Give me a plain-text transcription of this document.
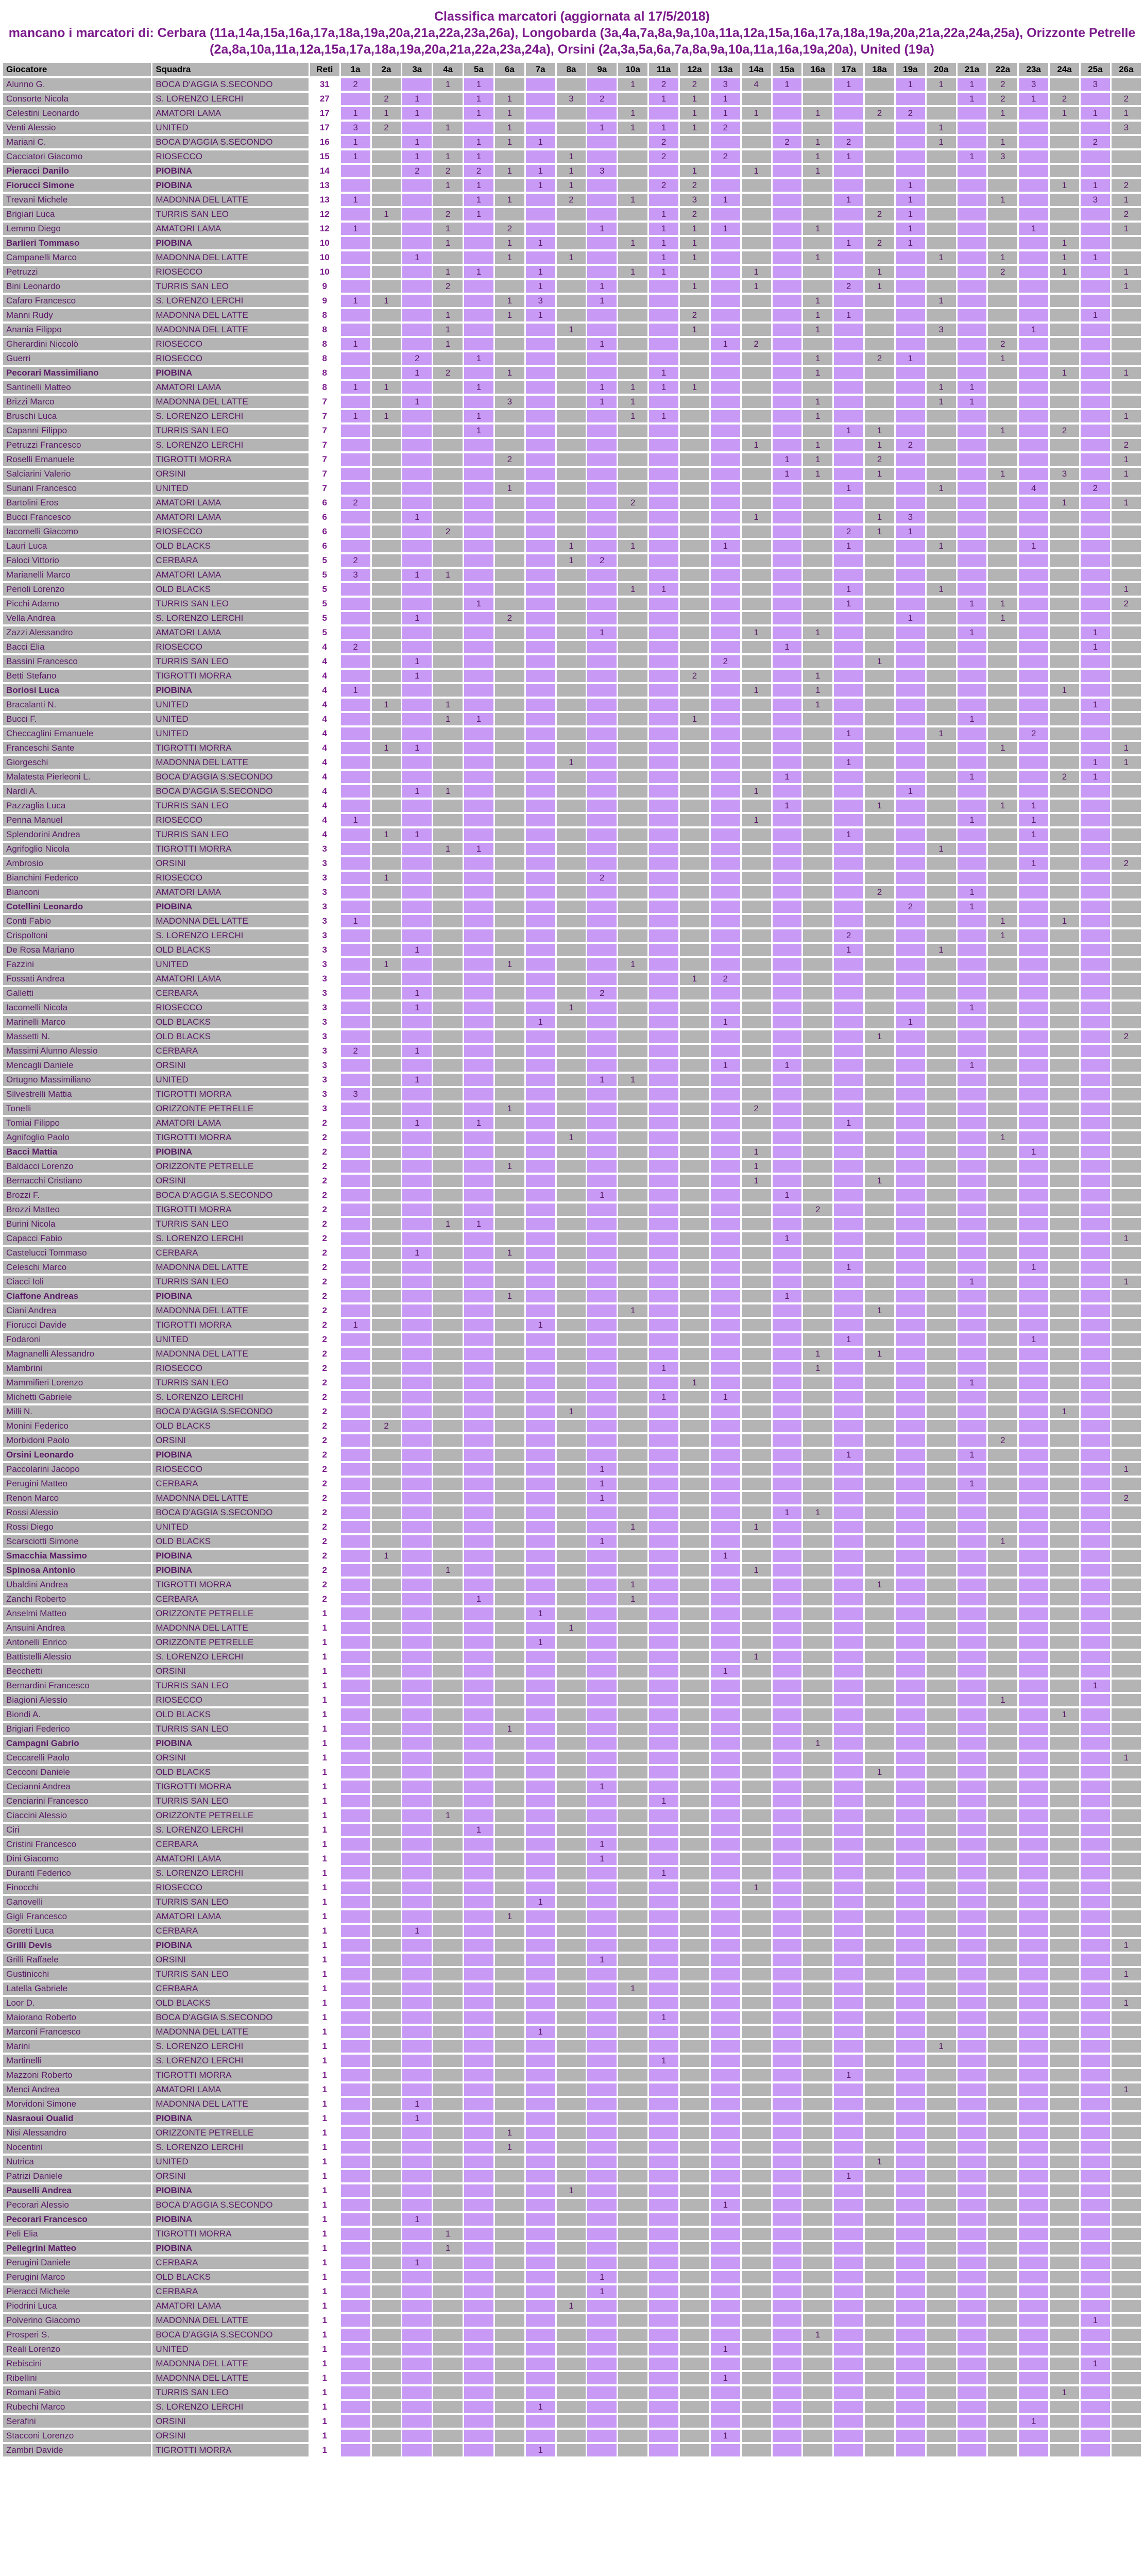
Classifica marcatori (aggiornata al 17/5/2018)
mancano i marcatori di: Cerbara (11a,14a,15a,16a,17a,18a,19a,20a,21a,22a,23a,26a), Longobarda (3a,4a,7a,8a,9a,10a,11a,12a,15a,16a,17a,18a,19a,20a,21a,22a,24a,25a), Orizzonte Petrelle (2a,8a,10a,11a,12a,15a,17a,18a,19a,20a,21a,22a,23a,24a), Orsini (2a,3a,5a,6a,7a,8a,9a,10a,11a,16a,19a,20a), United (19a)
Giocatore	Squadra	Reti	1a	2a	3a	4a	5a	6a	7a	8a	9a	10a	11a	12a	13a	14a	15a	16a	17a	18a	19a	20a	21a	22a	23a	24a	25a	26a
Alunno G.	BOCA D'AGGIA S.SECONDO	31	2			1	1					1	2	2	3	4	1		1		1	1	1	2	3		3	
Consorte Nicola	S. LORENZO LERCHI	27		2	1		1	1		3	2		1	1	1								1	2	1	2		2
Celestini Leonardo	AMATORI LAMA	17	1	1	1		1	1				1		1	1	1		1		2	2			1		1	1	1
Venti Alessio	UNITED	17	3	2		1		1			1	1	1	1	2							1						3
Mariani C.	BOCA D'AGGIA S.SECONDO	16	1		1		1	1	1				2				2	1	2			1		1			2	
Cacciatori Giacomo	RIOSECCO	15	1		1	1	1			1			2		2			1	1				1	3				
Pieracci Danilo	PIOBINA	14			2	2	2	1	1	1	3			1		1		1										
Fiorucci Simone	PIOBINA	13				1	1		1	1			2	2							1					1	1	2
Trevani Michele	MADONNA DEL LATTE	13	1				1	1		2		1		3	1				1		1			1			3	1
Brigiari Luca	TURRIS SAN LEO	12		1		2	1						1	2						2	1							2
Lemmo Diego	AMATORI LAMA	12	1			1		2			1		1	1	1			1			1				1			1
Barlieri Tommaso	PIOBINA	10				1		1	1			1	1	1					1	2	1					1		
Campanelli Marco	MADONNA DEL LATTE	10			1			1		1			1	1				1				1		1		1	1	
Petruzzi	RIOSECCO	10				1	1		1			1	1			1				1				2		1		1
Bini Leonardo	TURRIS SAN LEO	9				2			1		1			1		1			2	1								1
Cafaro Francesco	S. LORENZO LERCHI	9	1	1				1	3		1							1				1						
Manni Rudy	MADONNA DEL LATTE	8				1		1	1					2				1	1								1	
Anania Filippo	MADONNA DEL LATTE	8				1				1				1				1				3			1			
Gherardini Niccolò	RIOSECCO	8	1			1					1				1	2								2				
Guerri	RIOSECCO	8			2		1											1		2	1			1				
Pecorari Massimiliano	PIOBINA	8			1	2		1					1					1								1		1
Santinelli Matteo	AMATORI LAMA	8	1	1			1				1	1	1	1								1	1					
Brizzi Marco	MADONNA DEL LATTE	7			1			3			1	1						1				1	1					
Bruschi Luca	S. LORENZO LERCHI	7	1	1			1					1	1					1										1
Capanni Filippo	TURRIS SAN LEO	7					1												1	1				1		2		
Petruzzi Francesco	S. LORENZO LERCHI	7														1		1		1	2							2
Roselli Emanuele	TIGROTTI MORRA	7						2									1	1		2								1
Salciarini Valerio	ORSINI	7															1	1		1				1		3		1
Suriani Francesco	UNITED	7						1											1			1			4		2	
Bartolini Eros	AMATORI LAMA	6	2									2														1		1
Bucci Francesco	AMATORI LAMA	6			1											1				1	3							
Iacomelli Giacomo	RIOSECCO	6				2													2	1	1							
Lauri Luca	OLD BLACKS	6								1		1			1				1			1			1			
Faloci Vittorio	CERBARA	5	2							1	2																	
Marianelli Marco	AMATORI LAMA	5	3		1	1																						
Perioli Lorenzo	OLD BLACKS	5										1	1						1			1						1
Picchi Adamo	TURRIS SAN LEO	5					1												1				1	1				2
Vella Andrea	S. LORENZO LERCHI	5			1			2													1			1				
Zazzi Alessandro	AMATORI LAMA	5									1					1		1					1				1	
Bacci Elia	RIOSECCO	4	2														1										1	
Bassini Francesco	TURRIS SAN LEO	4			1										2					1								
Betti Stefano	TIGROTTI MORRA	4			1									2				1										
Boriosi Luca	PIOBINA	4	1													1		1								1		
Bracalanti N.	UNITED	4		1		1												1									1	
Bucci F.	UNITED	4				1	1							1									1					
Checcaglini Emanuele	UNITED	4																	1			1			2			
Franceschi Sante	TIGROTTI MORRA	4		1	1																			1				1
Giorgeschi	MADONNA DEL LATTE	4								1									1								1	1
Malatesta Pierleoni L.	BOCA D'AGGIA S.SECONDO	4															1						1			2	1	
Nardi A.	BOCA D'AGGIA S.SECONDO	4			1	1										1					1							
Pazzaglia Luca	TURRIS SAN LEO	4															1			1				1	1			
Penna Manuel	RIOSECCO	4	1													1							1		1			
Splendorini Andrea	TURRIS SAN LEO	4		1	1														1						1			
Agrifoglio Nicola	TIGROTTI MORRA	3				1	1															1						
Ambrosio	ORSINI	3																							1			2
Bianchini Federico	RIOSECCO	3		1							2																	
Bianconi	AMATORI LAMA	3																		2			1					
Cotellini Leonardo	PIOBINA	3																			2		1					
Conti Fabio	MADONNA DEL LATTE	3	1																					1		1		
Crispoltoni	S. LORENZO LERCHI	3																	2					1				
De Rosa Mariano	OLD BLACKS	3			1														1			1						
Fazzini	UNITED	3		1				1				1																
Fossati Andrea	AMATORI LAMA	3												1	2													
Galletti	CERBARA	3			1						2																	
Iacomelli Nicola	RIOSECCO	3			1					1													1					
Marinelli Marco	OLD BLACKS	3							1						1						1							
Massetti N.	OLD BLACKS	3																		1								2
Massimi Alunno Alessio	CERBARA	3	2		1																							
Mencagli Daniele	ORSINI	3													1		1						1					
Ortugno Massimiliano	UNITED	3			1						1	1																
Silvestrelli Mattia	TIGROTTI MORRA	3	3																									
Tonelli	ORIZZONTE PETRELLE	3						1								2												
Tomiai Filippo	AMATORI LAMA	2			1		1												1									
Agnifoglio Paolo	TIGROTTI MORRA	2								1														1				
Bacci Mattia	PIOBINA	2														1									1			
Baldacci Lorenzo	ORIZZONTE PETRELLE	2						1								1												
Bernacchi Cristiano	ORSINI	2														1				1								
Brozzi F.	BOCA D'AGGIA S.SECONDO	2									1						1											
Brozzi Matteo	TIGROTTI MORRA	2																2										
Burini Nicola	TURRIS SAN LEO	2				1	1																					
Capacci Fabio	S. LORENZO LERCHI	2															1											1
Castelucci Tommaso	CERBARA	2			1			1																				
Celeschi Marco	MADONNA DEL LATTE	2																	1						1			
Ciacci Ioli	TURRIS SAN LEO	2																					1					1
Ciaffone Andreas	PIOBINA	2						1									1											
Ciani Andrea	MADONNA DEL LATTE	2										1								1								
Fiorucci Davide	TIGROTTI MORRA	2	1						1																			
Fodaroni	UNITED	2																	1						1			
Magnanelli Alessandro	MADONNA DEL LATTE	2																1		1								
Mambrini	RIOSECCO	2											1					1										
Mammifieri Lorenzo	TURRIS SAN LEO	2												1									1					
Michetti Gabriele	S. LORENZO LERCHI	2											1		1													
Milli N.	BOCA D'AGGIA S.SECONDO	2								1																1		
Monini Federico	OLD BLACKS	2		2																								
Morbidoni Paolo	ORSINI	2																						2				
Orsini Leonardo	PIOBINA	2																	1				1					
Paccolarini Jacopo	RIOSECCO	2									1																	1
Perugini Matteo	CERBARA	2									1												1					
Renon Marco	MADONNA DEL LATTE	2									1																	2
Rossi Alessio	BOCA D'AGGIA S.SECONDO	2															1	1										
Rossi Diego	UNITED	2										1				1												
Scarsciotti Simone	OLD BLACKS	2									1													1				
Smacchia Massimo	PIOBINA	2		1											1													
Spinosa Antonio	PIOBINA	2				1										1												
Ubaldini Andrea	TIGROTTI MORRA	2										1								1								
Zanchi Roberto	CERBARA	2					1					1																
Anselmi Matteo	ORIZZONTE PETRELLE	1							1																			
Ansuini Andrea	MADONNA DEL LATTE	1								1																		
Antonelli Enrico	ORIZZONTE PETRELLE	1							1																			
Battistelli Alessio	S. LORENZO LERCHI	1														1												
Becchetti	ORSINI	1													1													
Bernardini Francesco	TURRIS SAN LEO	1																									1	
Biagioni Alessio	RIOSECCO	1																						1				
Biondi A.	OLD BLACKS	1																								1		
Brigiari Federico	TURRIS SAN LEO	1						1																				
Campagni Gabrio	PIOBINA	1																1										
Ceccarelli Paolo	ORSINI	1																										1
Cecconi Daniele	OLD BLACKS	1																		1								
Cecianni Andrea	TIGROTTI MORRA	1									1																	
Cenciarini Francesco	TURRIS SAN LEO	1											1															
Ciaccini Alessio	ORIZZONTE PETRELLE	1				1																						
Ciri	S. LORENZO LERCHI	1					1																					
Cristini Francesco	CERBARA	1									1																	
Dini Giacomo	AMATORI LAMA	1									1																	
Duranti Federico	S. LORENZO LERCHI	1											1															
Finocchi	RIOSECCO	1														1												
Ganovelli	TURRIS SAN LEO	1							1																			
Gigli Francesco	AMATORI LAMA	1						1																				
Goretti Luca	CERBARA	1			1																							
Grilli Devis	PIOBINA	1																										1
Grilli Raffaele	ORSINI	1									1																	
Gustinicchi	TURRIS SAN LEO	1																										1
Latella Gabriele	CERBARA	1										1																
Loor D.	OLD BLACKS	1																										1
Maiorano Roberto	BOCA D'AGGIA S.SECONDO	1											1															
Marconi Francesco	MADONNA DEL LATTE	1							1																			
Marini	S. LORENZO LERCHI	1																				1						
Martinelli	S. LORENZO LERCHI	1											1															
Mazzoni Roberto	TIGROTTI MORRA	1																	1									
Menci Andrea	AMATORI LAMA	1																										1
Morvidoni Simone	MADONNA DEL LATTE	1			1																							
Nasraoui Oualid	PIOBINA	1			1																							
Nisi Alessandro	ORIZZONTE PETRELLE	1						1																				
Nocentini	S. LORENZO LERCHI	1						1																				
Nutrica	UNITED	1																		1								
Patrizi Daniele	ORSINI	1																	1									
Pauselli Andrea	PIOBINA	1								1																		
Pecorari Alessio	BOCA D'AGGIA S.SECONDO	1													1													
Pecorari Francesco	PIOBINA	1			1																							
Peli Elia	TIGROTTI MORRA	1				1																						
Pellegrini Matteo	PIOBINA	1				1																						
Perugini Daniele	CERBARA	1			1																							
Perugini Marco	OLD BLACKS	1									1																	
Pieracci Michele	CERBARA	1									1																	
Piodrini Luca	AMATORI LAMA	1								1																		
Polverino Giacomo	MADONNA DEL LATTE	1																									1	
Prosperi S.	BOCA D'AGGIA S.SECONDO	1																1										
Reali Lorenzo	UNITED	1													1													
Rebiscini	MADONNA DEL LATTE	1																									1	
Ribellini	MADONNA DEL LATTE	1													1													
Romani Fabio	TURRIS SAN LEO	1																								1		
Rubechi Marco	S. LORENZO LERCHI	1							1																			
Serafini	ORSINI	1																							1			
Stacconi Lorenzo	ORSINI	1													1													
Zambri Davide	TIGROTTI MORRA	1							1																			
